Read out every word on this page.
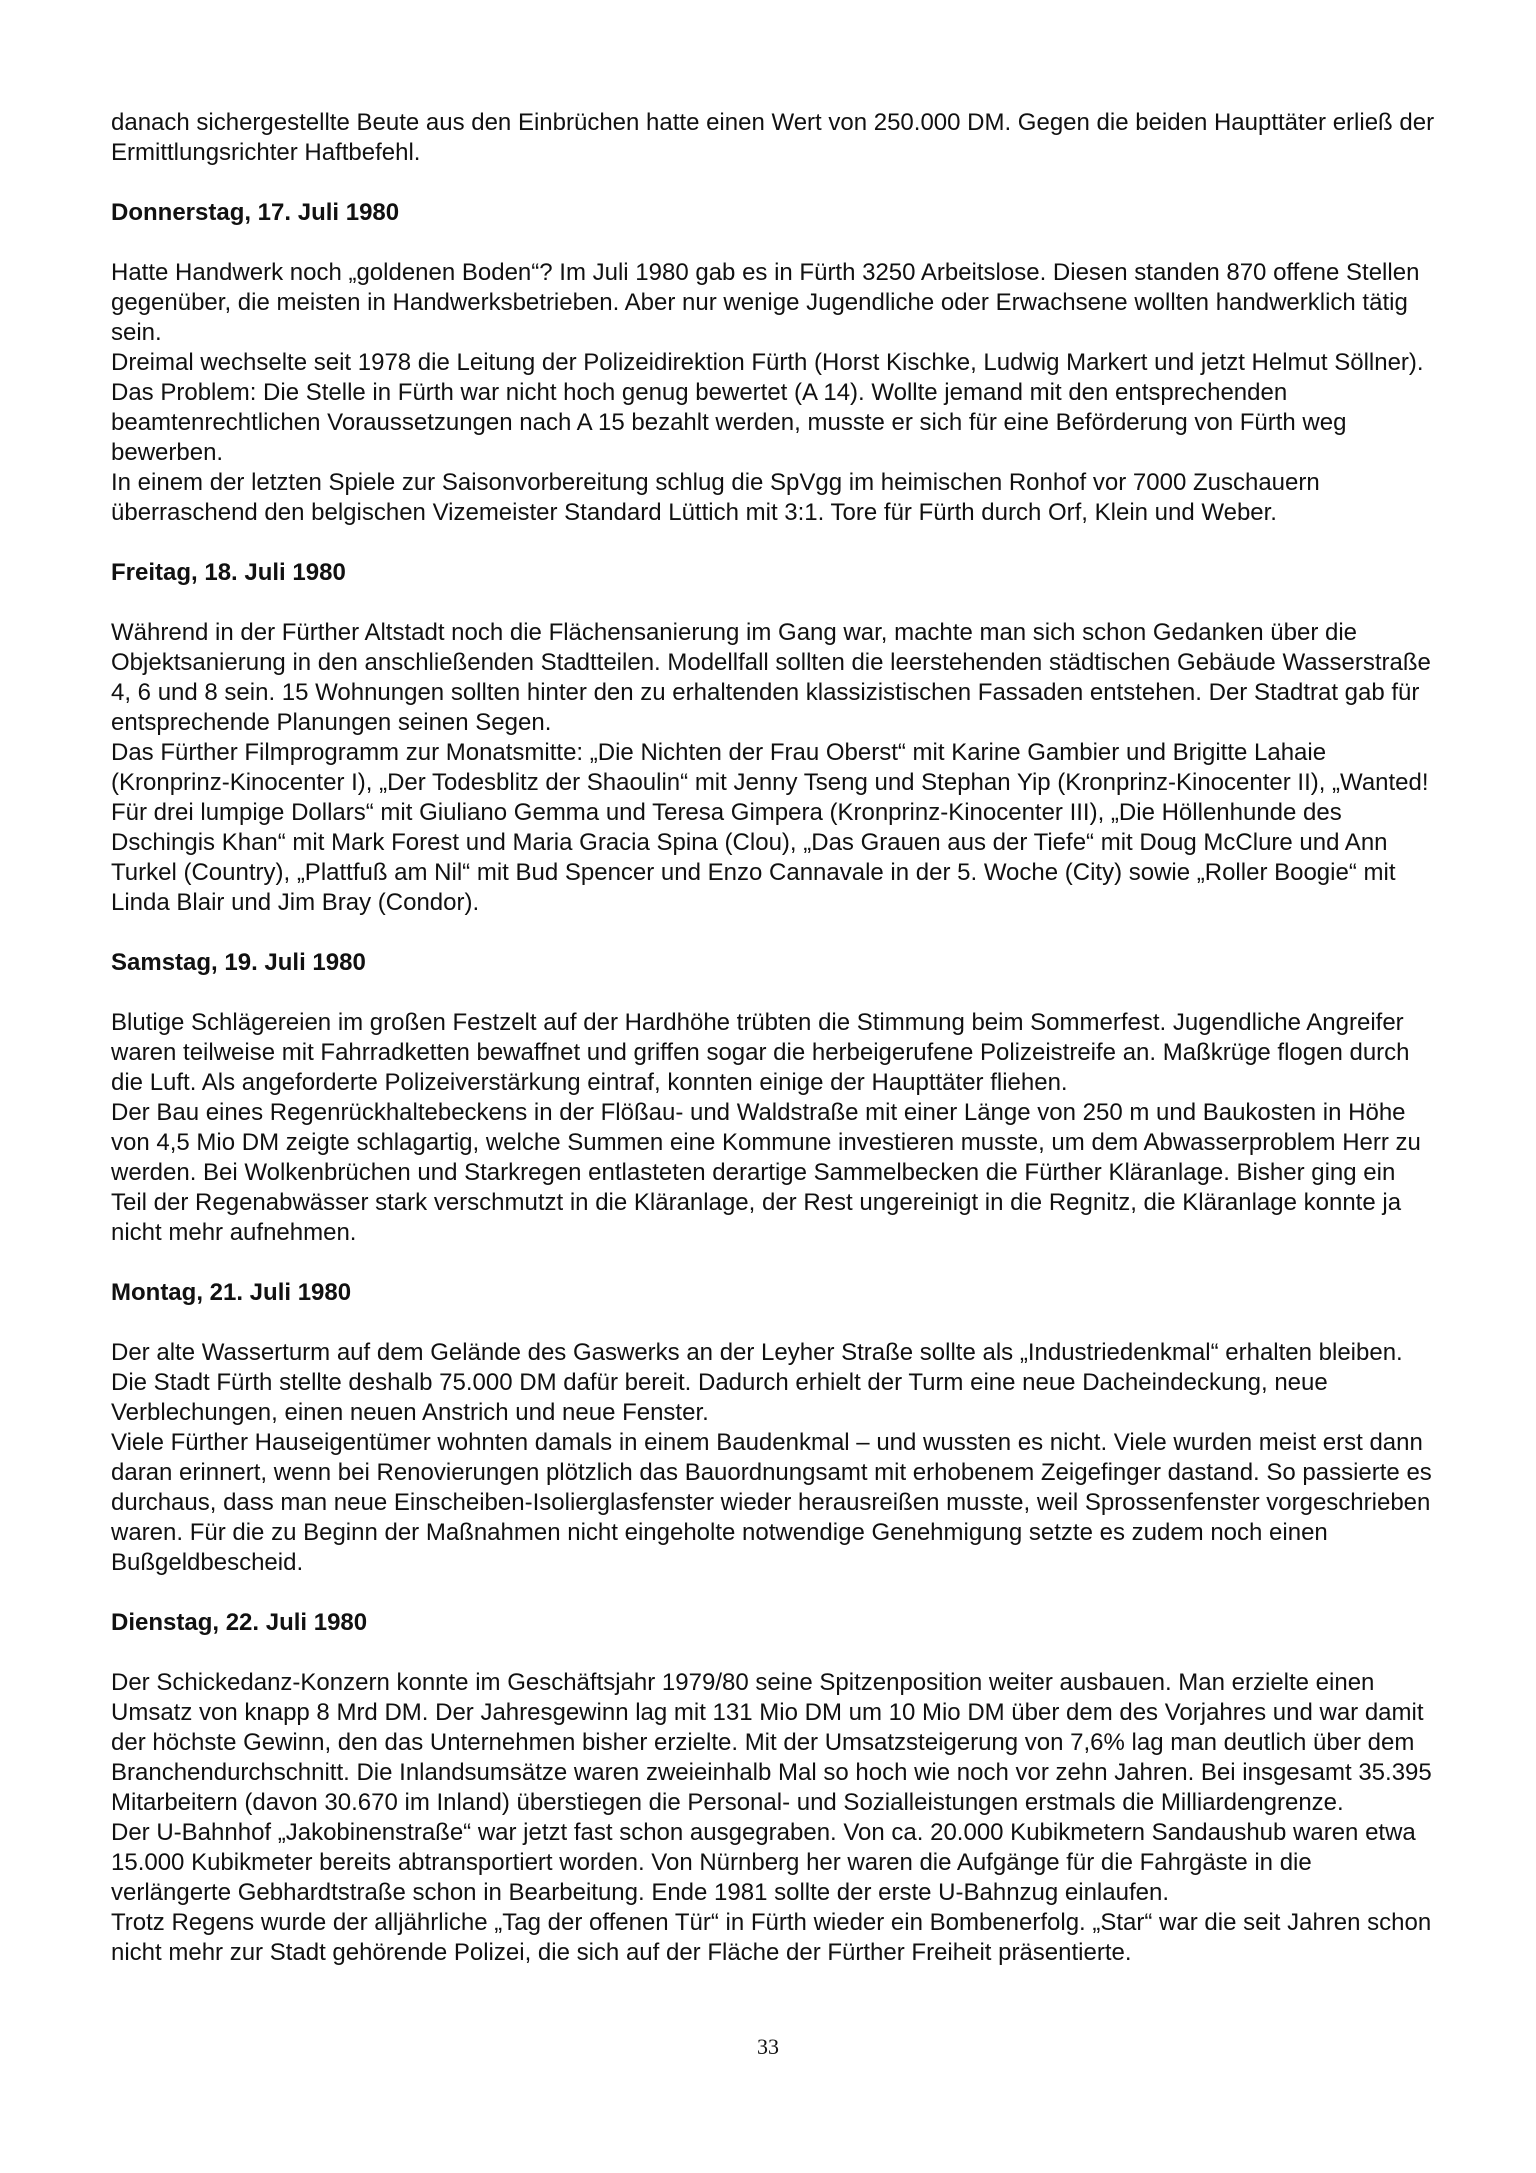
danach sichergestellte Beute aus den Einbrüchen hatte einen Wert von 250.000 DM. Gegen die beiden Haupttäter erließ der Ermittlungsrichter Haftbefehl.

Donnerstag, 17. Juli 1980

Hatte Handwerk noch „goldenen Boden“? Im Juli 1980 gab es in Fürth 3250 Arbeitslose. Diesen standen 870 offene Stellen gegenüber, die meisten in Handwerksbetrieben. Aber nur wenige Jugendliche oder Erwachsene wollten handwerklich tätig sein.

Dreimal wechselte seit 1978 die Leitung der Polizeidirektion Fürth (Horst Kischke, Ludwig Markert und jetzt Helmut Söllner). Das Problem: Die Stelle in Fürth war nicht hoch genug bewertet (A 14). Wollte jemand mit den entsprechenden beamtenrechtlichen Voraussetzungen nach A 15 bezahlt werden, musste er sich für eine Beförderung von Fürth weg bewerben.

In einem der letzten Spiele zur Saisonvorbereitung schlug die SpVgg im heimischen Ronhof vor 7000 Zuschauern überraschend den belgischen Vizemeister Standard Lüttich mit 3:1. Tore für Fürth durch Orf, Klein und Weber.

Freitag, 18. Juli 1980

Während in der Fürther Altstadt noch die Flächensanierung im Gang war, machte man sich schon Gedanken über die Objektsanierung in den anschließenden Stadtteilen. Modellfall sollten die leerstehenden städtischen Gebäude Wasserstraße 4, 6 und 8 sein. 15 Wohnungen sollten hinter den zu erhaltenden klassizistischen Fassaden entstehen. Der Stadtrat gab für entsprechende Planungen seinen Segen.

Das Fürther Filmprogramm zur Monatsmitte: „Die Nichten der Frau Oberst“ mit Karine Gambier und Brigitte Lahaie (Kronprinz-Kinocenter I), „Der Todesblitz der Shaoulin“ mit Jenny Tseng und Stephan Yip (Kronprinz-Kinocenter II), „Wanted! Für drei lumpige Dollars“ mit Giuliano Gemma und Teresa Gimpera (Kronprinz-Kinocenter III), „Die Höllenhunde des Dschingis Khan“ mit Mark Forest und Maria Gracia Spina (Clou), „Das Grauen aus der Tiefe“ mit Doug McClure und Ann Turkel (Country), „Plattfuß am Nil“ mit Bud Spencer und Enzo Cannavale in der 5. Woche (City) sowie „Roller Boogie“ mit Linda Blair und Jim Bray (Condor).

Samstag, 19. Juli 1980

Blutige Schlägereien im großen Festzelt auf der Hardhöhe trübten die Stimmung beim Sommerfest. Jugendliche Angreifer waren teilweise mit Fahrradketten bewaffnet und griffen sogar die herbeigerufene Polizeistreife an. Maßkrüge flogen durch die Luft. Als angeforderte Polizeiverstärkung eintraf, konnten einige der Haupttäter fliehen.

Der Bau eines Regenrückhaltebeckens in der Flößau- und Waldstraße mit einer Länge von 250 m und Baukosten in Höhe von 4,5 Mio DM zeigte schlagartig, welche Summen eine Kommune investieren musste, um dem Abwasserproblem Herr zu werden. Bei Wolkenbrüchen und Starkregen entlasteten derartige Sammelbecken die Fürther Kläranlage. Bisher ging ein Teil der Regenabwässer stark verschmutzt in die Kläranlage, der Rest ungereinigt in die Regnitz, die Kläranlage konnte ja nicht mehr aufnehmen.

Montag, 21. Juli 1980

Der alte Wasserturm auf dem Gelände des Gaswerks an der Leyher Straße sollte als „Industriedenkmal“ erhalten bleiben. Die Stadt Fürth stellte deshalb 75.000 DM dafür bereit. Dadurch erhielt der Turm eine neue Dacheindeckung, neue Verblechungen, einen neuen Anstrich und neue Fenster.

Viele Fürther Hauseigentümer wohnten damals in einem Baudenkmal – und wussten es nicht. Viele wurden meist erst dann daran erinnert, wenn bei Renovierungen plötzlich das Bauordnungsamt mit erhobenem Zeigefinger dastand. So passierte es durchaus, dass man neue Einscheiben-Isolierglasfenster wieder herausreißen musste, weil Sprossenfenster vorgeschrieben waren. Für die zu Beginn der Maßnahmen nicht eingeholte notwendige Genehmigung setzte es zudem noch einen Bußgeldbescheid.

Dienstag, 22. Juli 1980

Der Schickedanz-Konzern konnte im Geschäftsjahr 1979/80 seine Spitzenposition weiter ausbauen. Man erzielte einen Umsatz von knapp 8 Mrd DM. Der Jahresgewinn lag mit 131 Mio DM um 10 Mio DM über dem des Vorjahres und war damit der höchste Gewinn, den das Unternehmen bisher erzielte. Mit der Umsatzsteigerung von 7,6% lag man deutlich über dem Branchendurchschnitt. Die Inlandsumsätze waren zweieinhalb Mal so hoch wie noch vor zehn Jahren. Bei insgesamt 35.395 Mitarbeitern (davon 30.670 im Inland) überstiegen die Personal- und Sozialleistungen erstmals die Milliardengrenze.

Der U-Bahnhof „Jakobinenstraße“ war jetzt fast schon ausgegraben. Von ca. 20.000 Kubikmetern Sandaushub waren etwa 15.000 Kubikmeter bereits abtransportiert worden. Von Nürnberg her waren die Aufgänge für die Fahrgäste in die verlängerte Gebhardtstraße schon in Bearbeitung. Ende 1981 sollte der erste U-Bahnzug einlaufen.

Trotz Regens wurde der alljährliche „Tag der offenen Tür“ in Fürth wieder ein Bombenerfolg. „Star“ war die seit Jahren schon nicht mehr zur Stadt gehörende Polizei, die sich auf der Fläche der Fürther Freiheit präsentierte.

33
